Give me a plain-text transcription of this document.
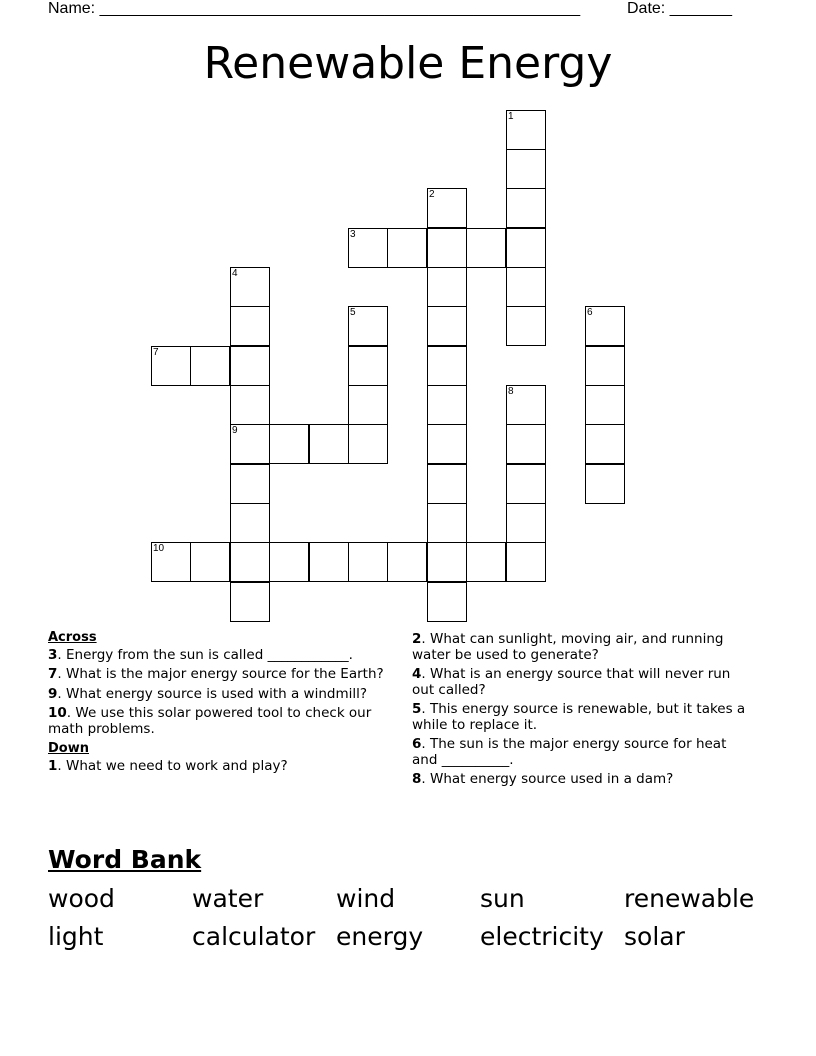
Name: ______________________________________________________	Date: _______
Renewable Energy
1
2
3
4
9
5	6
7
8
10

Across

3. Energy from the sun is called ____________.

7. What is the major energy source for the Earth?

9. What energy source is used with a windmill?

10. We use this solar powered tool to check our math problems.

Down

1. What we need to work and play?

2. What can sunlight, moving air, and running water be used to generate?

4. What is an energy source that will never run out called?

5. This energy source is renewable, but it takes a while to replace it.

6. The sun is the major energy source for heat and __________.

8. What energy source used in a dam?

Word Bank
wood	water	wind	sun	renewable
light	calculator energy electricity solar
